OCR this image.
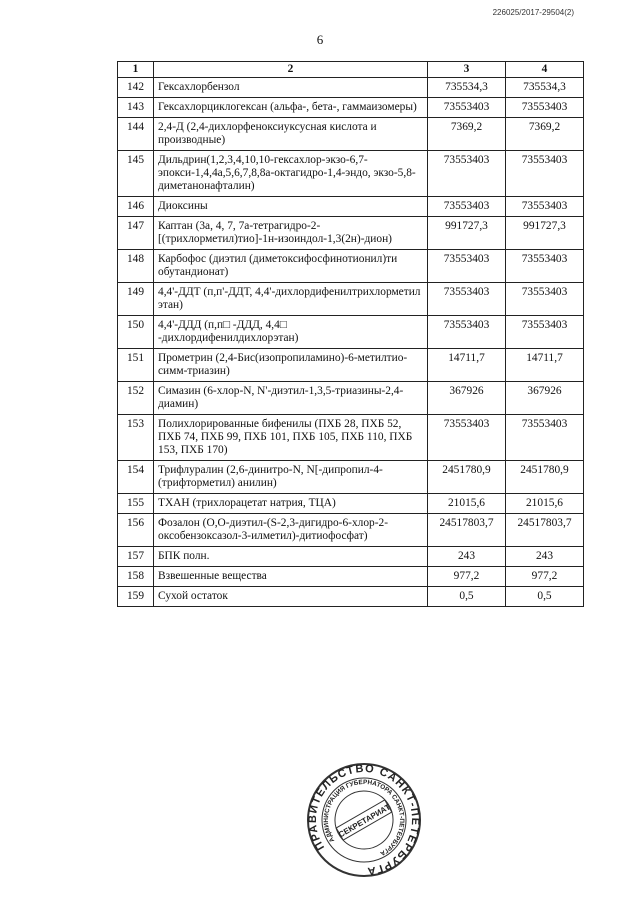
226025/2017-29504(2)
6
1	2	3	4
142	Гексахлорбензол	735534,3	735534,3
143	Гексахлорциклогексан (альфа-, бета-, гаммаизомеры)	73553403	73553403
144	2,4-Д (2,4-дихлорфеноксиуксусная кислота и производные)	7369,2	7369,2
145	Дильдрин(1,2,3,4,10,10-гексахлор-экзо-6,7-эпокси-1,4,4а,5,6,7,8,8а-октагидро-1,4-эндо, экзо-5,8-диметанонафталин)	73553403	73553403
146	Диоксины	73553403	73553403
147	Каптан (3а, 4, 7, 7а-тетрагидро-2-[(трихлорметил)тио]-1н-изоиндол-1,3(2н)-дион)	991727,3	991727,3
148	Карбофос (диэтил (диметоксифосфинотионил)ти обутандионат)	73553403	73553403
149	4,4'-ДДТ (п,п'-ДДТ, 4,4'-дихлордифенилтрихлорметил этан)	73553403	73553403
150	4,4'-ДДД (п,п□ -ДДД, 4,4□ -дихлордифенилдихлорэтан)	73553403	73553403
151	Прометрин (2,4-Бис(изопропиламино)-6-метилтио-симм-триазин)	14711,7	14711,7
152	Симазин (6-хлор-N, N'-диэтил-1,3,5-триазины-2,4-диамин)	367926	367926
153	Полихлорированные бифенилы (ПХБ 28, ПХБ 52, ПХБ 74, ПХБ 99, ПХБ 101, ПХБ 105, ПХБ 110, ПХБ 153, ПХБ 170)	73553403	73553403
154	Трифлуралин (2,6-динитро-N, N[-дипропил-4-(трифторметил) анилин)	2451780,9	2451780,9
155	ТХАН (трихлорацетат натрия, ТЦА)	21015,6	21015,6
156	Фозалон (О,О-диэтил-(S-2,3-дигидро-6-хлор-2-оксобензоксазол-3-илметил)-дитиофосфат)	24517803,7	24517803,7
157	БПК полн.	243	243
158	Взвешенные вещества	977,2	977,2
159	Сухой остаток	0,5	0,5
ПРАВИТЕЛЬСТВО САНКТ-ПЕТЕРБУРГА
АДМИНИСТРАЦИЯ ГУБЕРНАТОРА САНКТ-ПЕТЕРБУРГА
СЕКРЕТАРИАТ
